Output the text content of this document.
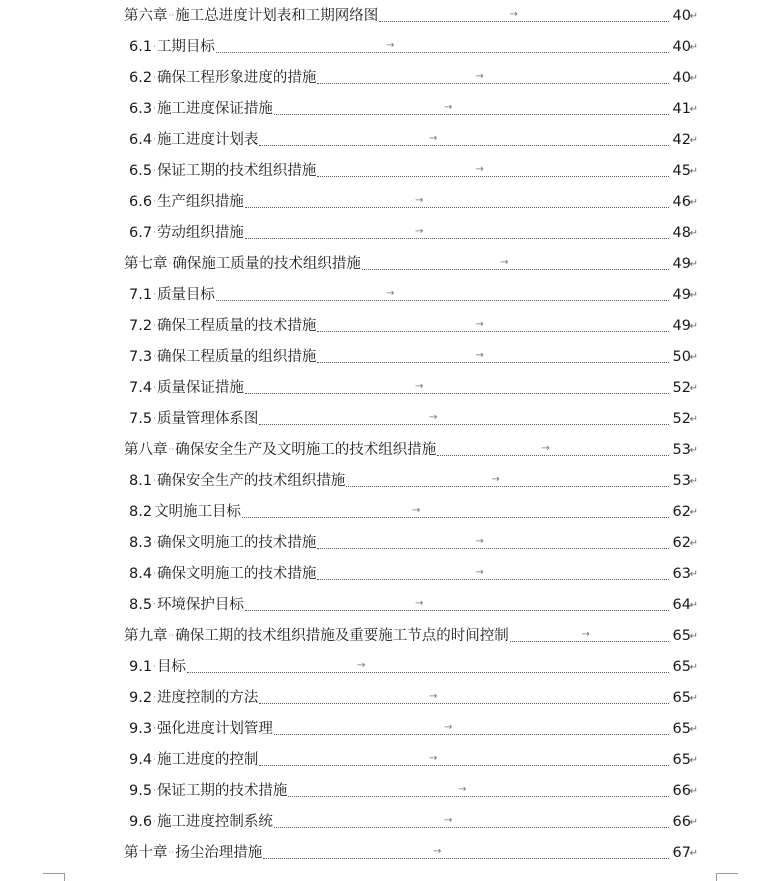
第六章··施工总进度计划表和工期网络图	→	40
↵
6.1·工期目标	→	40
↵
6.2·确保工程形象进度的措施	→	40
↵
6.3·施工进度保证措施	→	41
↵
6.4·施工进度计划表	→	42
↵
6.5·保证工期的技术组织措施	→	45
↵
6.6·生产组织措施	→	46
↵
6.7·劳动组织措施	→	48
↵
第七章·确保施工质量的技术组织措施	→	49
↵
7.1·质量目标	→	49
↵
7.2·确保工程质量的技术措施	→	49
↵
7.3·确保工程质量的组织措施	→	50
↵
7.4·质量保证措施	→	52
↵
7.5·质量管理体系图	→	52
↵
第八章··确保安全生产及文明施工的技术组织措施	→	53
↵
8.1·确保安全生产的技术组织措施	→	53
↵
8.2 文明施工目标	→	62
↵
8.3·确保文明施工的技术措施	→	62
↵
8.4·确保文明施工的技术措施	→	63
↵
8.5·环境保护目标	→	64
↵
第九章··确保工期的技术组织措施及重要施工节点的时间控制	→	65
↵
9.1·目标	→	65
↵
9.2·进度控制的方法	→	65
↵
9.3·强化进度计划管理	→	65
↵
9.4·施工进度的控制	→	65
↵
9.5·保证工期的技术措施	→	66
↵
9.6·施工进度控制系统	→	66
↵
第十章··扬尘治理措施	→	67
↵
